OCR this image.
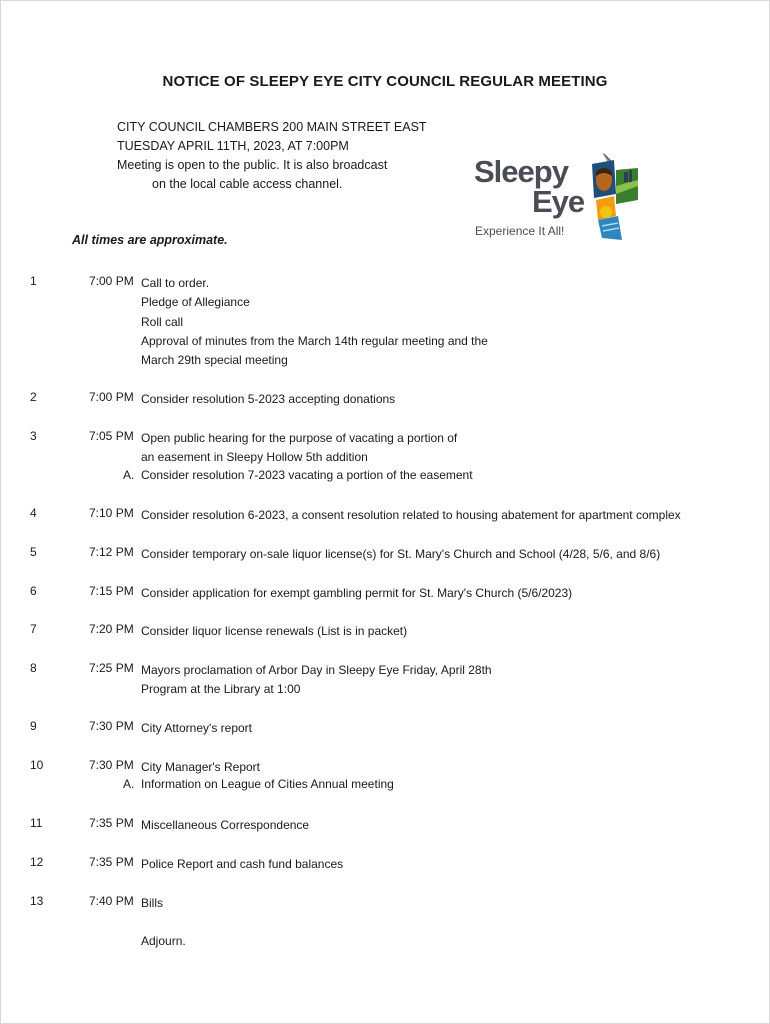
NOTICE OF SLEEPY EYE CITY COUNCIL REGULAR MEETING
CITY COUNCIL CHAMBERS 200 MAIN STREET EAST
TUESDAY APRIL 11TH, 2023, AT 7:00PM
Meeting is open to the public. It is also broadcast
on the local cable access channel.	Sleepy
Eye
Experience It All!
All times are approximate.
1	7:00 PM Call to order.
Pledge of Allegiance
Roll call
Approval of minutes from the March 14th regular meeting and the
March 29th special meeting
2	7:00 PM Consider resolution 5-2023 accepting donations
3	7:05 PM Open public hearing for the purpose of vacating a portion of
an easement in Sleepy Hollow 5th addition
A. Consider resolution 7-2023 vacating a portion of the easement
4	7:10 PM Consider resolution 6-2023, a consent resolution related to housing abatement for apartment complex
5	7:12 PM Consider temporary on-sale liquor license(s) for St. Mary's Church and School (4/28, 5/6, and 8/6)
6	7:15 PM Consider application for exempt gambling permit for St. Mary's Church (5/6/2023)
7	7:20 PM Consider liquor license renewals (List is in packet)
8	7:25 PM Mayors proclamation of Arbor Day in Sleepy Eye Friday, April 28th
Program at the Library at 1:00
9	7:30 PM City Attorney's report
10	7:30 PM City Manager's Report
A. Information on League of Cities Annual meeting
11	7:35 PM Miscellaneous Correspondence
12	7:35 PM Police Report and cash fund balances
13	7:40 PM Bills
Adjourn.
